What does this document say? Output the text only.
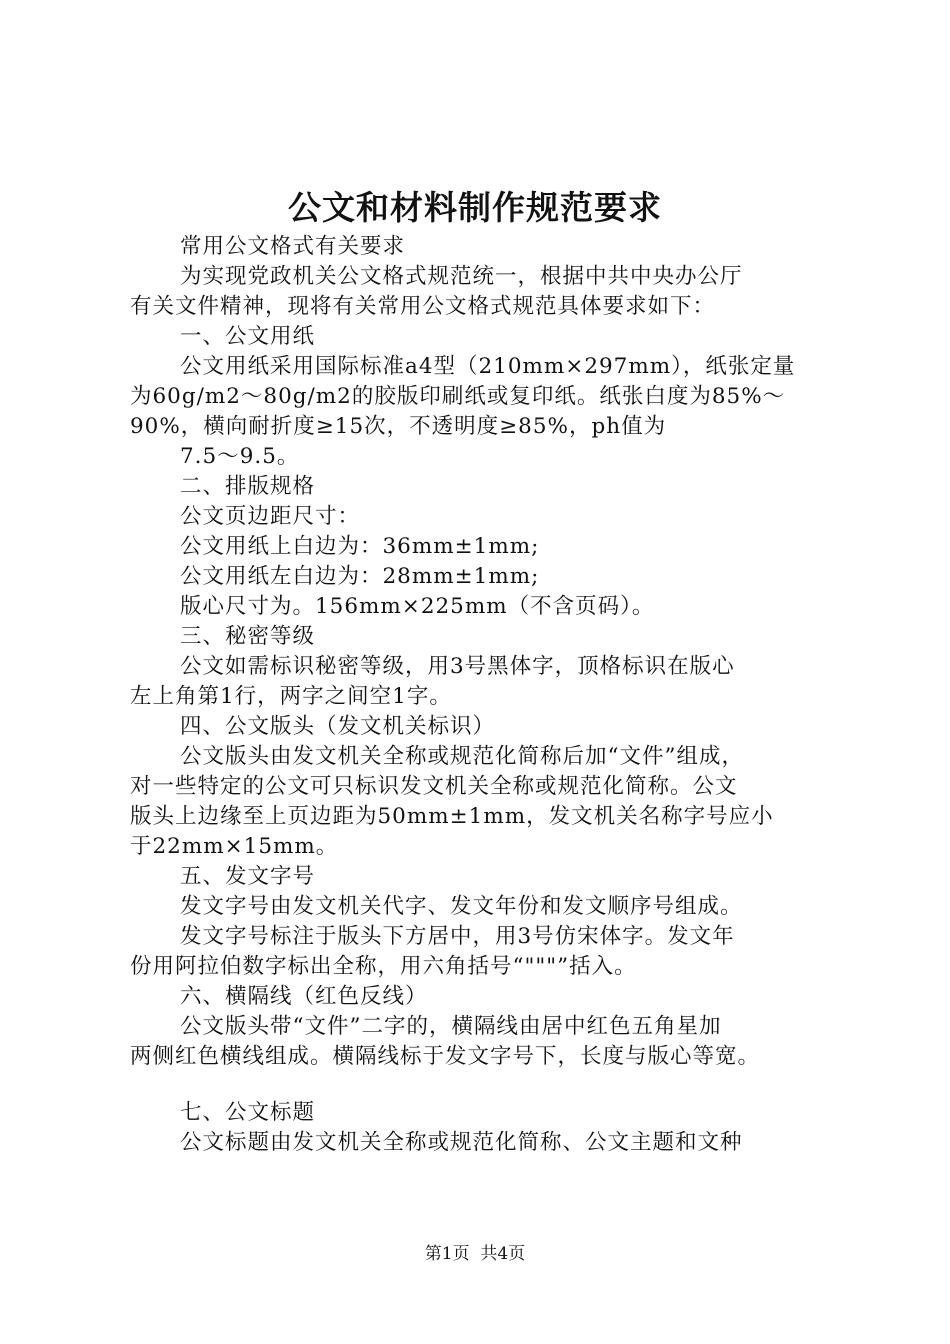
公文和材料制作规范要求
常用公文格式有关要求
为实现党政机关公文格式规范统一，根据中共中央办公厅
有关文件精神，现将有关常用公文格式规范具体要求如下：
一、公文用纸
公文用纸采用国际标准a4型（210mm×297mm），纸张定量
为60g/m2～80g/m2的胶版印刷纸或复印纸。纸张白度为85%～
90%，横向耐折度≥15次，不透明度≥85%，ph值为
7.5～9.5。
二、排版规格
公文页边距尺寸：
公文用纸上白边为：36mm±1mm;
公文用纸左白边为：28mm±1mm;
版心尺寸为。156mm×225mm（不含页码）。
三、秘密等级
公文如需标识秘密等级，用3号黑体字，顶格标识在版心
左上角第1行，两字之间空1字。
四、公文版头（发文机关标识）
公文版头由发文机关全称或规范化简称后加“文件”组成，
对一些特定的公文可只标识发文机关全称或规范化简称。公文
版头上边缘至上页边距为50mm±1mm，发文机关名称字号应小
于22mm×15mm。
五、发文字号
发文字号由发文机关代字、发文年份和发文顺序号组成。
发文字号标注于版头下方居中，用3号仿宋体字。发文年
份用阿拉伯数字标出全称，用六角括号“"""”括入。
六、横隔线（红色反线）
公文版头带“文件”二字的，横隔线由居中红色五角星加
两侧红色横线组成。横隔线标于发文字号下，长度与版心等宽。
七、公文标题
公文标题由发文机关全称或规范化简称、公文主题和文种
第1页  共4页
